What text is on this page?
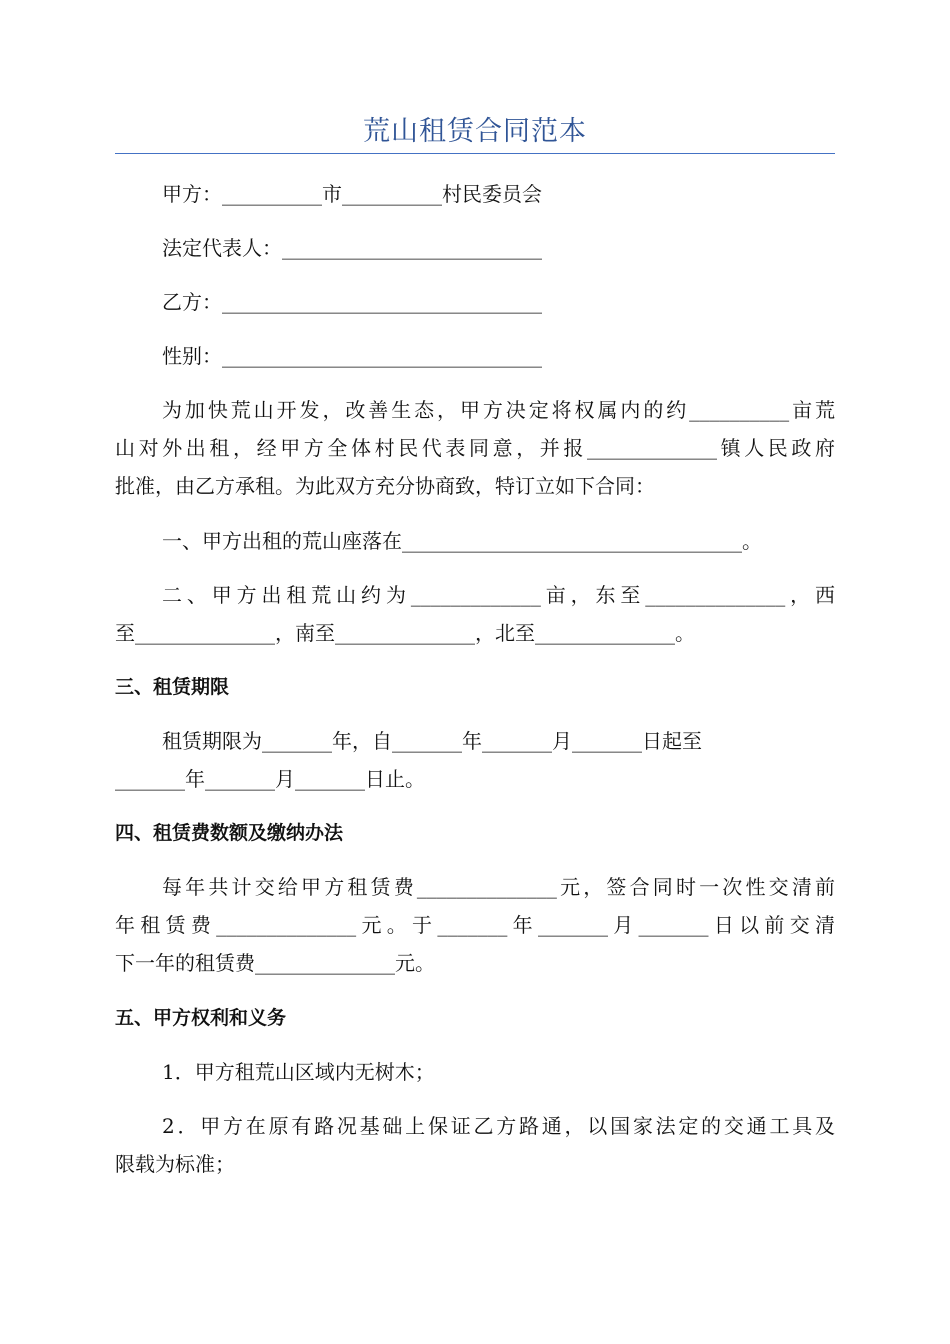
荒山租赁合同范本
甲方：__________市__________村民委员会
法定代表人：__________________________
乙方：________________________________
性别：________________________________
为加快荒山开发，改善生态，甲方决定将权属内的约__________亩荒
山对外出租，经甲方全体村民代表同意，并报_____________镇人民政府
批准，由乙方承租。为此双方充分协商致，特订立如下合同：
一、甲方出租的荒山座落在__________________________________。
二、甲方出租荒山约为_____________亩，东至______________，西
至______________，南至______________，北至______________。
三、租赁期限
租赁期限为_______年，自_______年_______月_______日起至
_______年_______月_______日止。
四、租赁费数额及缴纳办法
每年共计交给甲方租赁费______________元，签合同时一次性交清前
年租赁费______________元。于_______年_______月_______日以前交清
下一年的租赁费______________元。
五、甲方权利和义务
1．甲方租荒山区域内无树木；
2．甲方在原有路况基础上保证乙方路通，以国家法定的交通工具及
限载为标准；
